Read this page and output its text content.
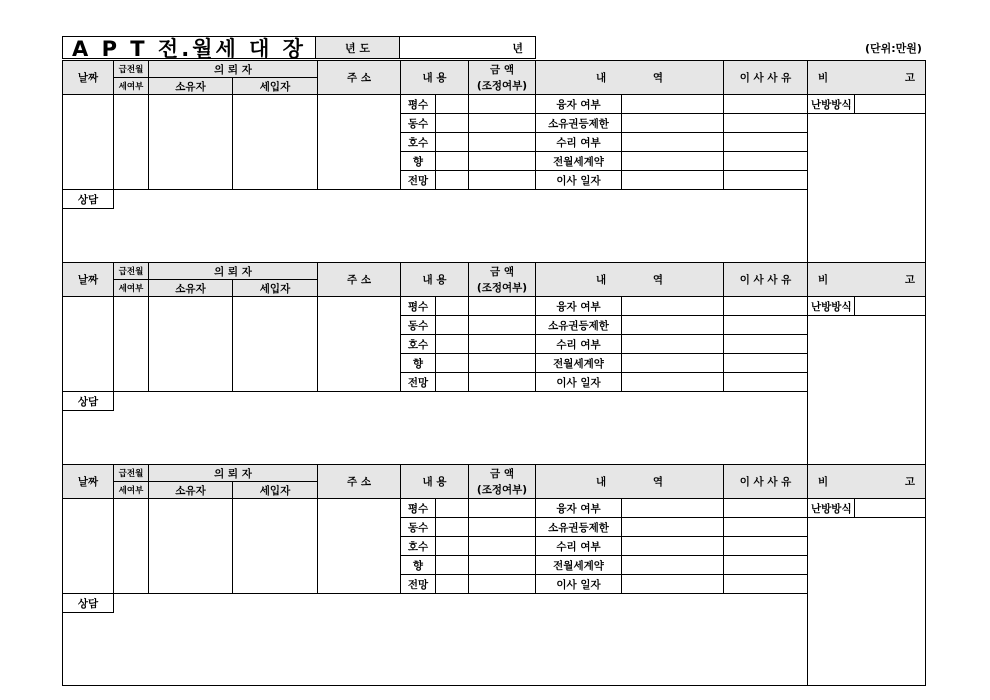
A P T 전.월세 대 장	년 도	년	(단위:만원)
날짜	급전월	의 뢰 자		주 소	내 용		금 액	내 역		이 사 사 유	비 고	

	세여부	소유자	세입자				(조정여부)					
					평수			융자 여부			난방방식	
					동수			소유권등제한				
					호수			수리 여부				
					향			전월세계약				
					전망			이사 일자				
상담												

날짜	급전월	의 뢰 자		주 소	내 용		금 액	내 역		이 사 사 유	비 고	

	세여부	소유자	세입자				(조정여부)					
					평수			융자 여부			난방방식	
					동수			소유권등제한				
					호수			수리 여부				
					향			전월세계약				
					전망			이사 일자				
상담												

날짜	급전월	의 뢰 자		주 소	내 용		금 액	내 역		이 사 사 유	비 고	

	세여부	소유자	세입자				(조정여부)					
					평수			융자 여부			난방방식	
					동수			소유권등제한				
					호수			수리 여부				
					향			전월세계약				
					전망			이사 일자				
상담												
